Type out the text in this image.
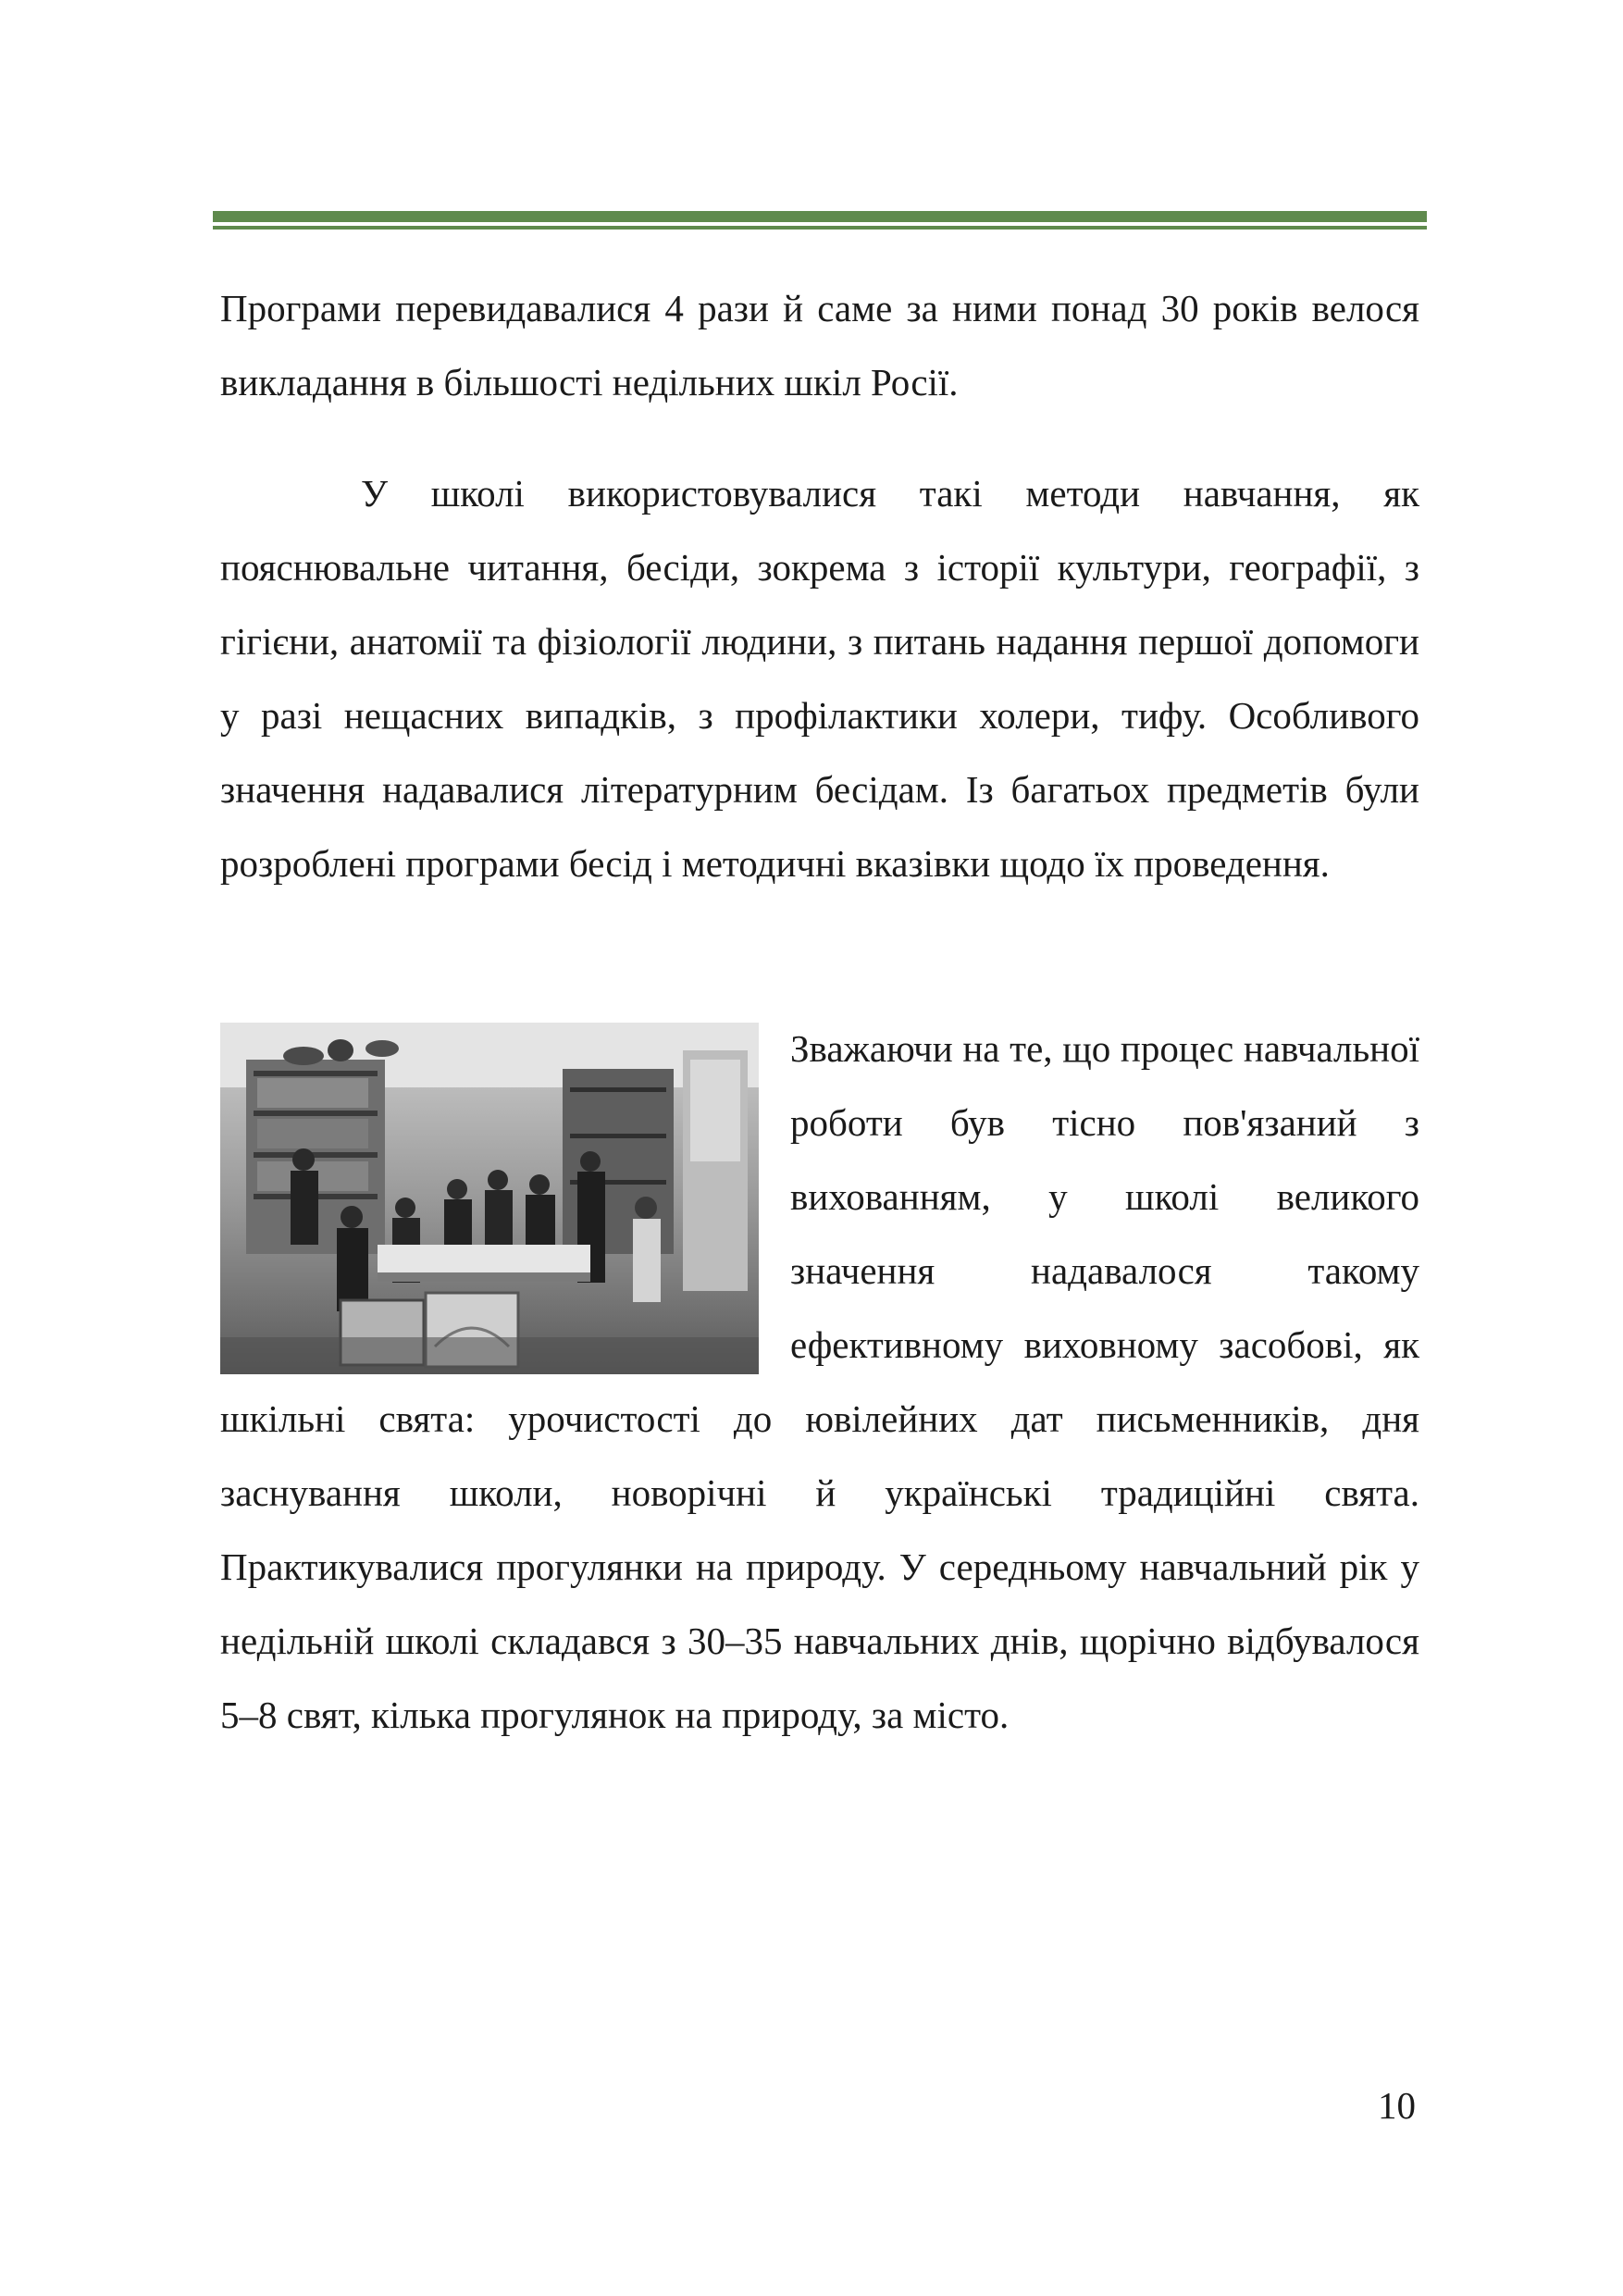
Програми перевидавалися 4 рази й саме за ними понад 30 років велося викладання в більшості недільних шкіл Росії.

У школі використовувалися такі методи навчання, як пояснювальне читання, бесіди, зокрема з історії культури, географії, з гігієни, анатомії та фізіології людини, з питань надання першої допомоги у разі нещасних випадків, з профілактики холери, тифу. Особливого значення надавалися літературним бесідам. Із багатьох предметів були розроблені програми бесід і методичні вказівки щодо їх проведення.

Зважаючи на те, що процес навчальної роботи був тісно пов'язаний з вихованням, у школі великого значення надавалося такому ефективному виховному засобові, як шкільні свята: урочистості до ювілейних дат письменників, дня заснування школи, новорічні й українські традиційні свята. Практикувалися прогулянки на природу. У середньому навчальний рік у недільній школі складався з 30–35 навчальних днів, щорічно відбувалося 5–8 свят, кілька прогулянок на природу, за місто.

10
